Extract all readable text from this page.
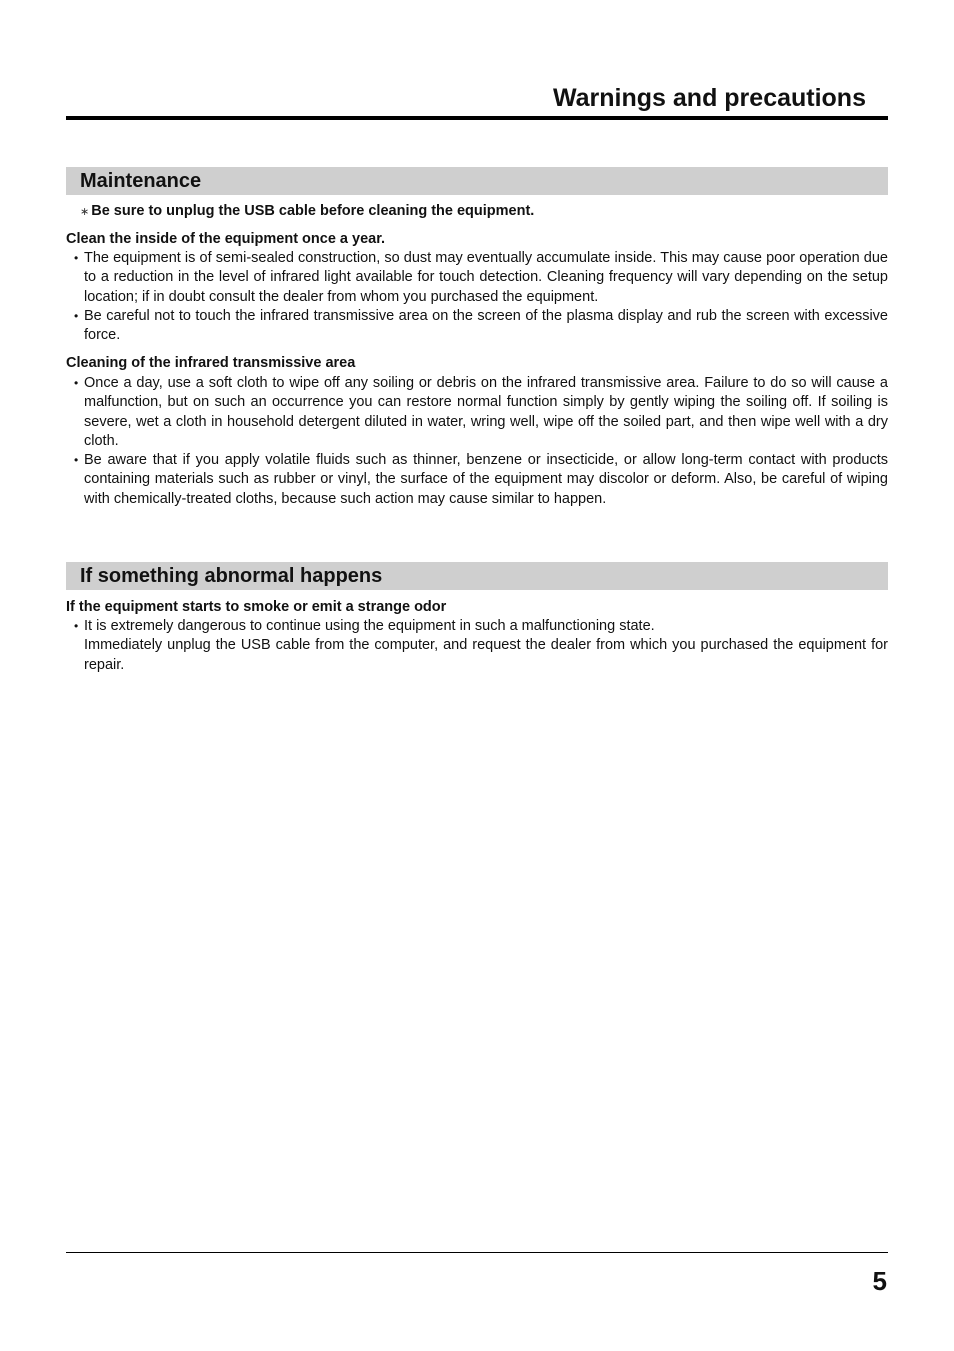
Warnings and precautions
Maintenance
∗ Be sure to unplug the USB cable before cleaning the equipment.
Clean the inside of the equipment once a year.
• The equipment is of semi-sealed construction, so dust may eventually accumulate inside. This may cause poor operation due to a reduction in the level of infrared light available for touch detection. Cleaning frequency will vary depending on the setup location; if in doubt consult the dealer from whom you purchased the equipment.
• Be careful not to touch the infrared transmissive area on the screen of the plasma display and rub the screen with excessive force.
Cleaning of the infrared transmissive area
• Once a day, use a soft cloth to wipe off any soiling or debris on the infrared transmissive area. Failure to do so will cause a malfunction, but on such an occurrence you can restore normal function simply by gently wiping the soiling off. If soiling is severe, wet a cloth in household detergent diluted in water, wring well, wipe off the soiled part, and then wipe well with a dry cloth.
• Be aware that if you apply volatile fluids such as thinner, benzene or insecticide, or allow long-term contact with products containing materials such as rubber or vinyl, the surface of the equipment may discolor or deform. Also, be careful of wiping with chemically-treated cloths, because such action may cause similar to happen.
If something abnormal happens
If the equipment starts to smoke or emit a strange odor
• It is extremely dangerous to continue using the equipment in such a malfunctioning state.
Immediately unplug the USB cable from the computer, and request the dealer from which you purchased the equipment for repair.
5
